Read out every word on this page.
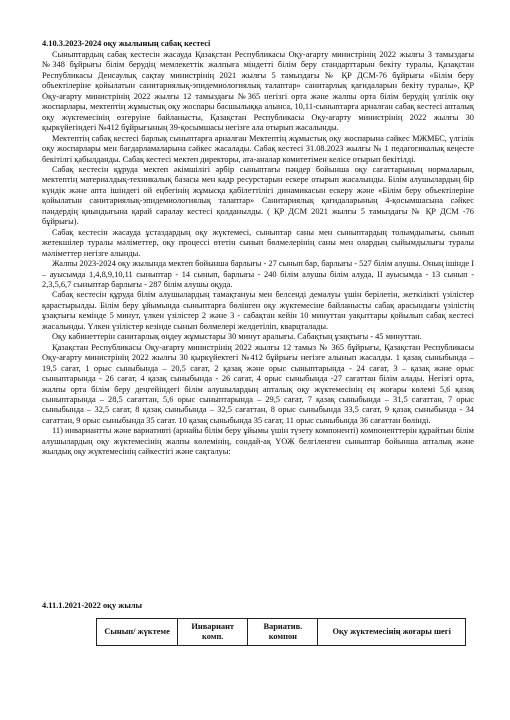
4.10.3.2023-2024 оқу жылының сабақ кестесі

Сыныптардың сабақ кестесін жасауда Қазақстан Республикасы Оқу-ағарту министрінің 2022 жылғы 3 тамыздағы №348 бұйрығы білім берудің мемлекеттік жалпыға міндетті білім беру стандарттарын бекіту туралы, Қазақстан Республикасы Денсаулық сақтау министрінің 2021 жылғы 5 тамыздағы № ҚР ДСМ-76 бұйрығы «Білім беру объектілеріне қойылатын санитариялық-эпидемиологиялық талаптар» санитарлық қағидаларын бекіту туралы», ҚР Оқу-ағарту министрінің 2022 жылғы 12 тамыздағы №365 негізгі орта және жалпы орта білім берудің үлгілік оқу жоспарлары, мектептің жұмыстық оқу жоспары басшылыққа алынса, 10,11-сыныптарға арналған сабақ кестесі апталық оқу жүктемесінің өзгеруіне байланысты, Қазақстан Республикасы Оқу-ағарту министрінің 2022 жылғы 30 қыркүйегіндегі №412 бұйрығының 39-қосымшасы негізге ала отырып жасалынды.

Мектептің сабақ кестесі барлық сыныптарға арналған Мектептің жұмыстық оқу жоспарына сәйкес МЖМБС, үлгілік оқу жоспарлары мен бағдарламаларына сәйкес жасалады. Сабақ кестесі 31.08.2023 жылғы № 1 педагогикалық кеңесте бекітілгі қабылданды. Сабақ кестесі мектеп директоры, ата-аналар комитетімен келісе отырып бекітілді.

Сабақ кестесін құруда мектеп әкімшілігі әрбір сыныптағы пәндер бойынша оқу сағаттарының нормаларын, мектептің материалдық-техникалық базасы мен кадр ресурстарын ескере отырып жасалынды. Білім алушылардың бір күндік және апта ішіндегі ой еңбегінің жұмысқа қабілеттілігі динамикасын ескеру және «Білім беру объектілеріне қойылатын санитариялық-эпидемиологиялық талаптар» Санитариялық қағидаларының 4-қосымшасына сәйкес пәндердің қиындығына қарай саралау кестесі қолданылды. ( ҚР ДСМ 2021 жылғы 5 тамыздағы № ҚР ДСМ -76 бұйрығы).

Сабақ кестесін жасауда ұстаздардың оқу жүктемесі, сыныптар саны мен сыныптардың толымдылығы, сынып жетекшілер туралы мәліметтер, оқу процессі өтетін сынып бөлмелерінің саны мен олардың сыйымдылығы туралы мәліметтер негізге алынды.

Жалпы 2023-2024 оқу жылында мектеп бойынша барлығы - 27 сынып бар, барлығы - 527 білім алушы. Оның ішінде I – ауысымда 1,4,8,9,10,11 сыныптар - 14 сынып, барлығы - 240 білім алушы білім алуда, II ауысымда - 13 сынып - 2,3,5,6,7 сыныптар барлығы - 287 білім алушы оқуда.

Сабақ кестесін құруда білім алушылардың тамақтануы мен белсенді демалуы үшін берілетін, жеткілікті үзілістер қарастырылды. Білім беру ұйымында сыныптарға бөлінген оқу жүктемесіне байланысты сабақ арасындағы үзілістің ұзақтығы кемінде 5 минут, үлкен үзілістер 2 және 3 - сабақтан кейін 10 минуттан уақыттары қойылып сабақ кестесі жасалынды. Үлкен үзілістер кезінде сынып бөлмелері желдетіліп, кварцталады.

Оқу кабинеттерін санитарлық өңдеу жұмыстары 30 минут аралығы. Сабақтың ұзақтығы - 45 минуттан.

Қазақстан Республикасы Оқу-ағарту министрінің 2022 жылғы 12 тамыз № 365 бұйрығы, Қазақстан Республикасы Оқу-ағарту министрінің 2022 жылғы 30 қыркүйектегі №412 бұйрығы негізге алынып жасалды. 1 қазақ сыныбында – 19,5 сағат, 1 орыс сыныбында – 20,5 сағат, 2 қазақ және орыс сыныптарында - 24 сағат, 3 – қазақ және орыс сыныптарында - 26 сағат, 4 қазақ сыныбында - 26 сағат, 4 орыс сыныбында -27 сағаттан білім алады. Негізгі орта, жалпы орта білім беру деңгейіндегі білім алушылардың апталық оқу жүктемесінің ең жоғары көлемі 5,6 қазақ сыныптарында – 28,5 сағаттан, 5,6 орыс сыныптарында – 29,5 сағат, 7 қазақ сыныбында – 31,5 сағаттан, 7 орыс сыныбында – 32,5 сағат, 8 қазақ сыныбында – 32,5 сағаттан, 8 орыс сыныбында 33,5 сағат, 9 қазақ сыныбында - 34 сағаттан, 9 орыс сыныбында 35 сағат. 10 қазақ сыныбында 35 сағат, 11 орыс сыныбында 36 сағаттан бөлінді.

11) инвариантты және вариативті (арнайы білім беру ұйымы үшін түзету компоненті) компоненттерін құрайтын білім алушылардың оқу жүктемесінің жалпы көлемінің, сондай-ақ ҮОЖ белгіленген сыныптар бойынша апталық және жылдық оқу жүктемесінің сәйкестігі және сақталуы:

4.11.1.2021-2022 оқу жылы
Сынып/ жүктеме	Инвариант комп.	Вариатив. компон	Оқу жүктемесінің жоғары шегі
